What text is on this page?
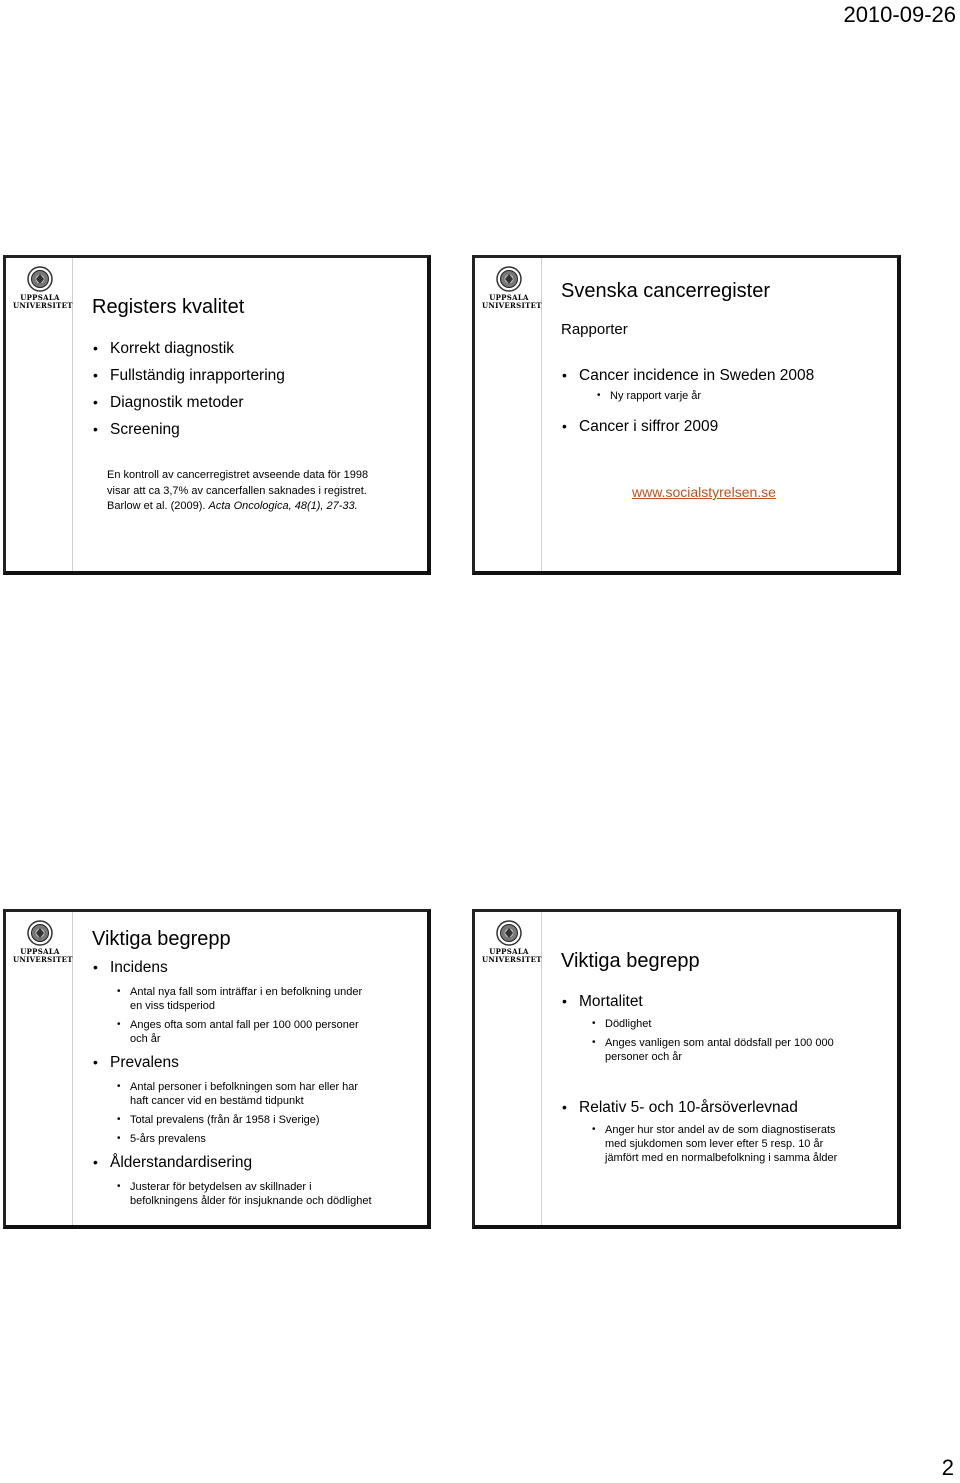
2010-09-26
UPPSALA
UNIVERSITET Registers kvalitet
• Korrekt diagnostik
• Fullständig inrapportering
• Diagnostik metoder
• Screening
En kontroll av cancerregistret avseende data för 1998
visar att ca 3,7% av cancerfallen saknades i registret.
Barlow et al. (2009). Acta Oncologica, 48(1), 27-33.
UPPSALA
UNIVERSITET
Svenska cancerregister
Rapporter
• Cancer incidence in Sweden 2008
• Ny rapport varje år
• Cancer i siffror 2009
www.socialstyrelsen.se
UPPSALA
UNIVERSITET
Viktiga begrepp
• Incidens
• Antal nya fall som inträffar i en befolkning under
en viss tidsperiod
• Anges ofta som antal fall per 100 000 personer
och år
• Prevalens
• Antal personer i befolkningen som har eller har
haft cancer vid en bestämd tidpunkt
• Total prevalens (från år 1958 i Sverige)
• 5-års prevalens
• Ålderstandardisering
• Justerar för betydelsen av skillnader i
befolkningens ålder för insjuknande och dödlighet
UPPSALA
UNIVERSITET Viktiga begrepp
• Mortalitet
• Dödlighet
• Anges vanligen som antal dödsfall per 100 000
personer och år
• Relativ 5- och 10-årsöverlevnad
• Anger hur stor andel av de som diagnostiserats
med sjukdomen som lever efter 5 resp. 10 år
jämfört med en normalbefolkning i samma ålder
2
